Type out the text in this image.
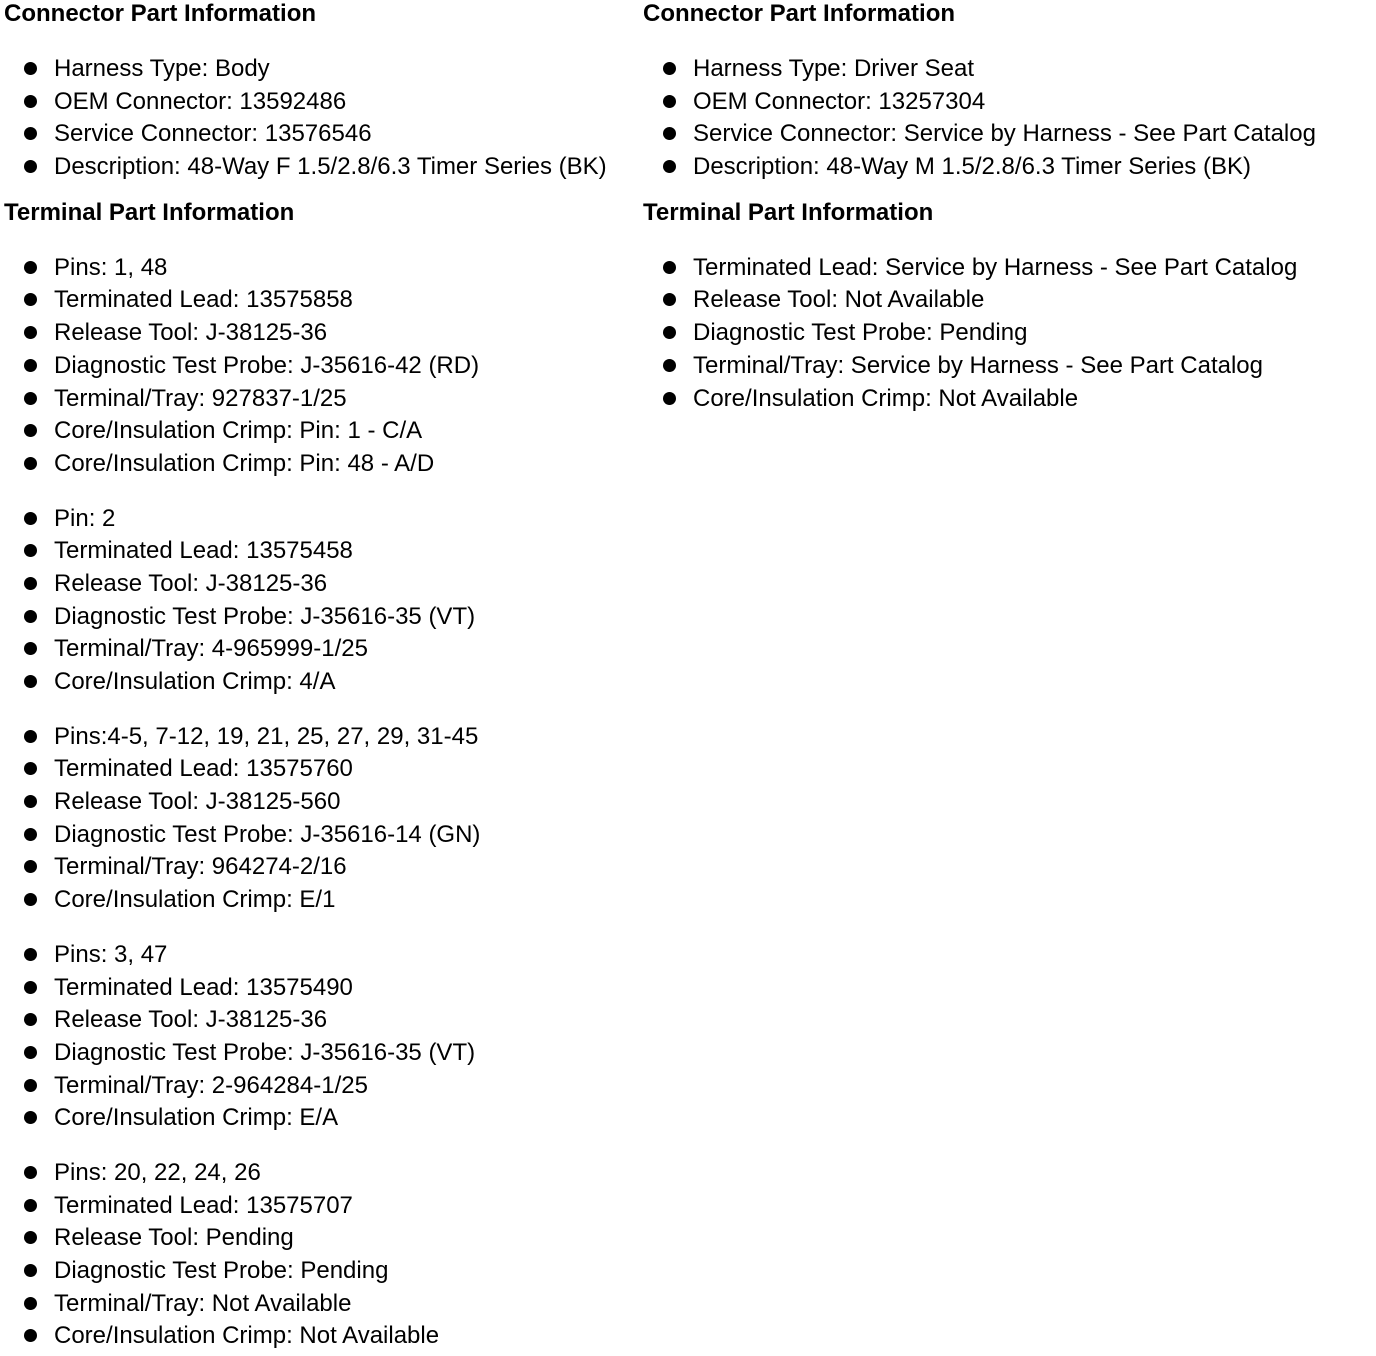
Connector Part Information
Harness Type: Body
OEM Connector: 13592486
Service Connector: 13576546
Description: 48-Way F 1.5/2.8/6.3 Timer Series (BK)
Terminal Part Information
Pins: 1, 48
Terminated Lead: 13575858
Release Tool: J-38125-36
Diagnostic Test Probe: J-35616-42 (RD)
Terminal/Tray: 927837-1/25
Core/Insulation Crimp: Pin: 1 - C/A
Core/Insulation Crimp: Pin: 48 - A/D
Pin: 2
Terminated Lead: 13575458
Release Tool: J-38125-36
Diagnostic Test Probe: J-35616-35 (VT)
Terminal/Tray: 4-965999-1/25
Core/Insulation Crimp: 4/A
Pins:4-5, 7-12, 19, 21, 25, 27, 29, 31-45
Terminated Lead: 13575760
Release Tool: J-38125-560
Diagnostic Test Probe: J-35616-14 (GN)
Terminal/Tray: 964274-2/16
Core/Insulation Crimp: E/1
Pins: 3, 47
Terminated Lead: 13575490
Release Tool: J-38125-36
Diagnostic Test Probe: J-35616-35 (VT)
Terminal/Tray: 2-964284-1/25
Core/Insulation Crimp: E/A
Pins: 20, 22, 24, 26
Terminated Lead: 13575707
Release Tool: Pending
Diagnostic Test Probe: Pending
Terminal/Tray: Not Available
Core/Insulation Crimp: Not Available
Connector Part Information
Harness Type: Driver Seat
OEM Connector: 13257304
Service Connector: Service by Harness - See Part Catalog
Description: 48-Way M 1.5/2.8/6.3 Timer Series (BK)
Terminal Part Information
Terminated Lead: Service by Harness - See Part Catalog
Release Tool: Not Available
Diagnostic Test Probe: Pending
Terminal/Tray: Service by Harness - See Part Catalog
Core/Insulation Crimp: Not Available
